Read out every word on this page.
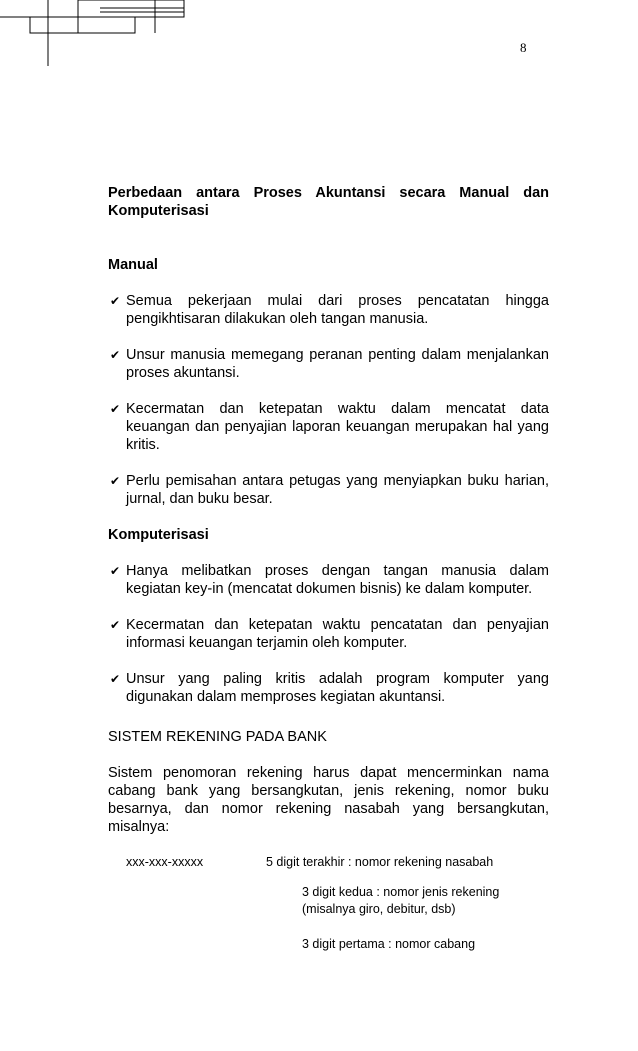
8

Perbedaan antara Proses Akuntansi secara Manual dan

Komputerisasi

Manual

✔ Semua pekerjaan mulai dari proses pencatatan hingga pengikhtisaran dilakukan oleh tangan manusia.
✔ Unsur manusia memegang peranan penting dalam menjalankan proses akuntansi.
✔ Kecermatan dan ketepatan waktu dalam mencatat data keuangan dan penyajian laporan keuangan merupakan hal yang kritis.
✔ Perlu pemisahan antara petugas yang menyiapkan buku harian, jurnal, dan buku besar.

Komputerisasi

✔ Hanya melibatkan proses dengan tangan manusia dalam kegiatan key-in (mencatat dokumen bisnis) ke dalam komputer.
✔ Kecermatan dan ketepatan waktu pencatatan dan penyajian informasi keuangan terjamin oleh komputer.
✔ Unsur yang paling kritis adalah program komputer yang digunakan dalam memproses kegiatan akuntansi.

SISTEM REKENING PADA BANK

Sistem penomoran rekening harus dapat mencerminkan nama cabang bank yang bersangkutan, jenis rekening, nomor buku besarnya, dan nomor rekening nasabah yang bersangkutan, misalnya:

xxx-xxx-xxxxx	5 digit terakhir : nomor rekening nasabah
3 digit kedua : nomor jenis rekening (misalnya giro, debitur, dsb)
3 digit pertama : nomor cabang
